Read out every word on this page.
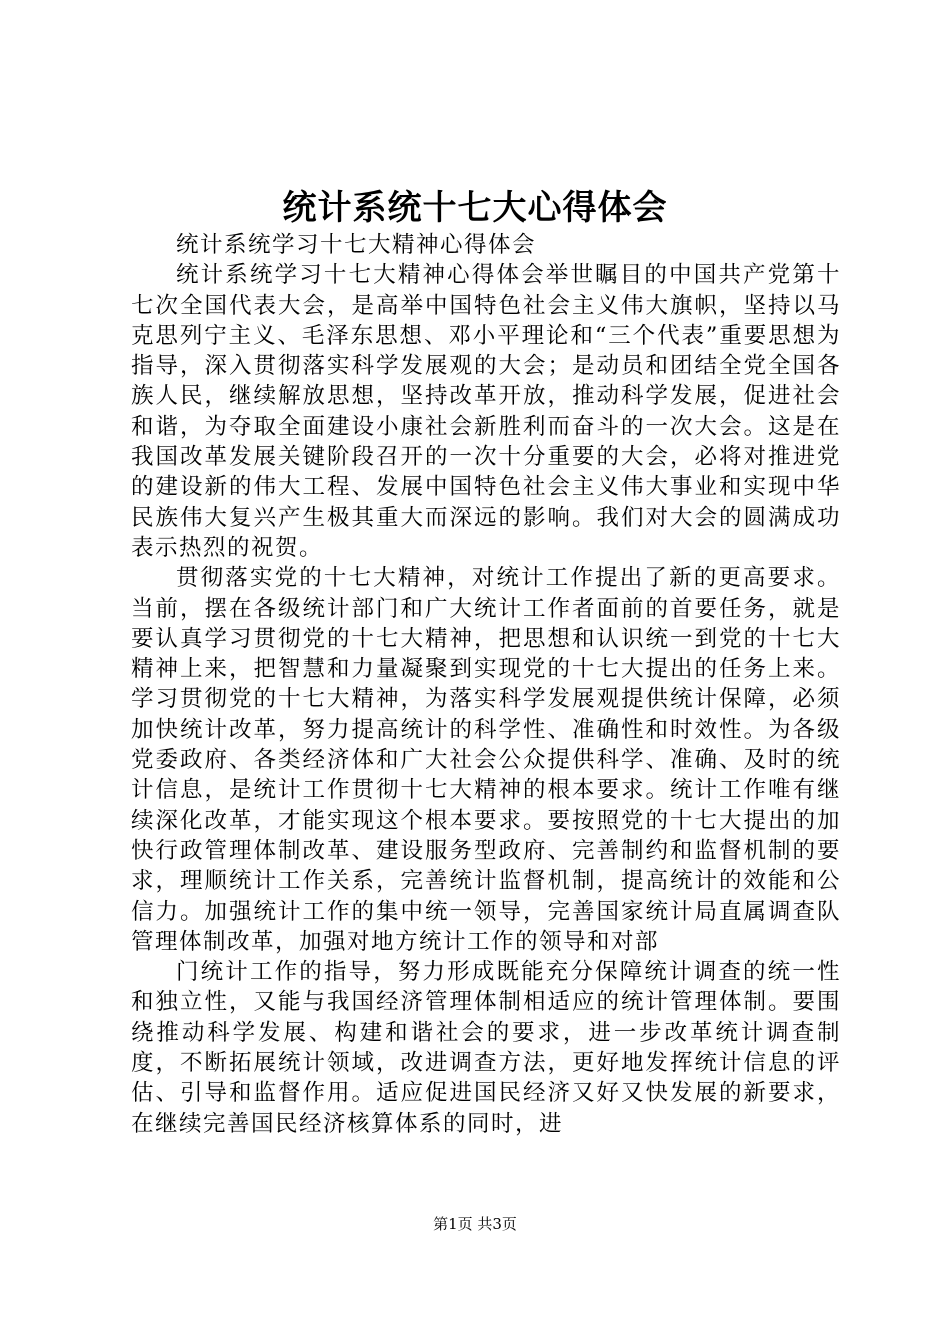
统计系统十七大心得体会

统计系统学习十七大精神心得体会

统计系统学习十七大精神心得体会举世瞩目的中国共产党第十七次全国代表大会，是高举中国特色社会主义伟大旗帜，坚持以马克思列宁主义、毛泽东思想、邓小平理论和“三个代表”重要思想为指导，深入贯彻落实科学发展观的大会；是动员和团结全党全国各族人民，继续解放思想，坚持改革开放，推动科学发展，促进社会和谐，为夺取全面建设小康社会新胜利而奋斗的一次大会。这是在我国改革发展关键阶段召开的一次十分重要的大会，必将对推进党的建设新的伟大工程、发展中国特色社会主义伟大事业和实现中华民族伟大复兴产生极其重大而深远的影响。我们对大会的圆满成功表示热烈的祝贺。

贯彻落实党的十七大精神，对统计工作提出了新的更高要求。当前，摆在各级统计部门和广大统计工作者面前的首要任务，就是要认真学习贯彻党的十七大精神，把思想和认识统一到党的十七大精神上来，把智慧和力量凝聚到实现党的十七大提出的任务上来。学习贯彻党的十七大精神，为落实科学发展观提供统计保障，必须加快统计改革，努力提高统计的科学性、准确性和时效性。为各级党委政府、各类经济体和广大社会公众提供科学、准确、及时的统计信息，是统计工作贯彻十七大精神的根本要求。统计工作唯有继续深化改革，才能实现这个根本要求。要按照党的十七大提出的加快行政管理体制改革、建设服务型政府、完善制约和监督机制的要求，理顺统计工作关系，完善统计监督机制，提高统计的效能和公信力。加强统计工作的集中统一领导，完善国家统计局直属调查队管理体制改革，加强对地方统计工作的领导和对部

门统计工作的指导，努力形成既能充分保障统计调查的统一性和独立性，又能与我国经济管理体制相适应的统计管理体制。要围绕推动科学发展、构建和谐社会的要求，进一步改革统计调查制度，不断拓展统计领域，改进调查方法，更好地发挥统计信息的评估、引导和监督作用。适应促进国民经济又好又快发展的新要求，在继续完善国民经济核算体系的同时，进

第1页 共3页
